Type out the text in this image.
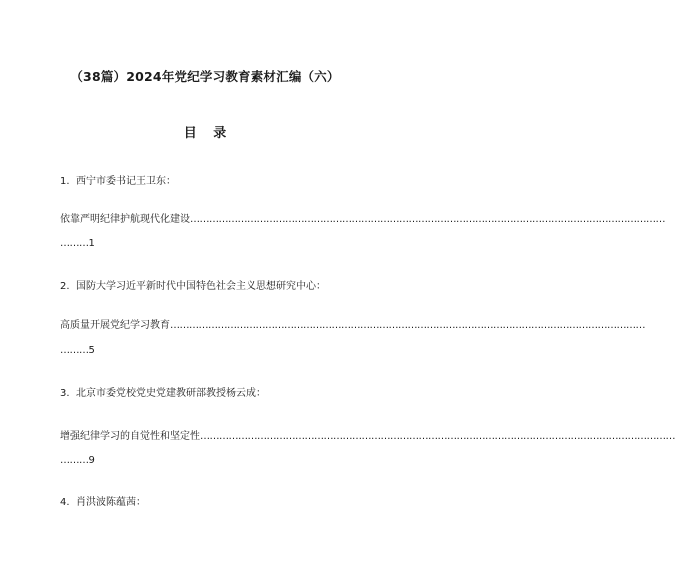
（38篇）2024年党纪学习教育素材汇编（六）
目 录
1. 西宁市委书记王卫东：
依靠严明纪律护航现代化建设……………………………………………………………………………………………………………………………………
………1
2. 国防大学习近平新时代中国特色社会主义思想研究中心：
高质量开展党纪学习教育……………………………………………………………………………………………………………………………………
………5
3. 北京市委党校党史党建教研部教授杨云成：
增强纪律学习的自觉性和坚定性……………………………………………………………………………………………………………………………………
………9
4. 肖洪波陈蕴茜：
